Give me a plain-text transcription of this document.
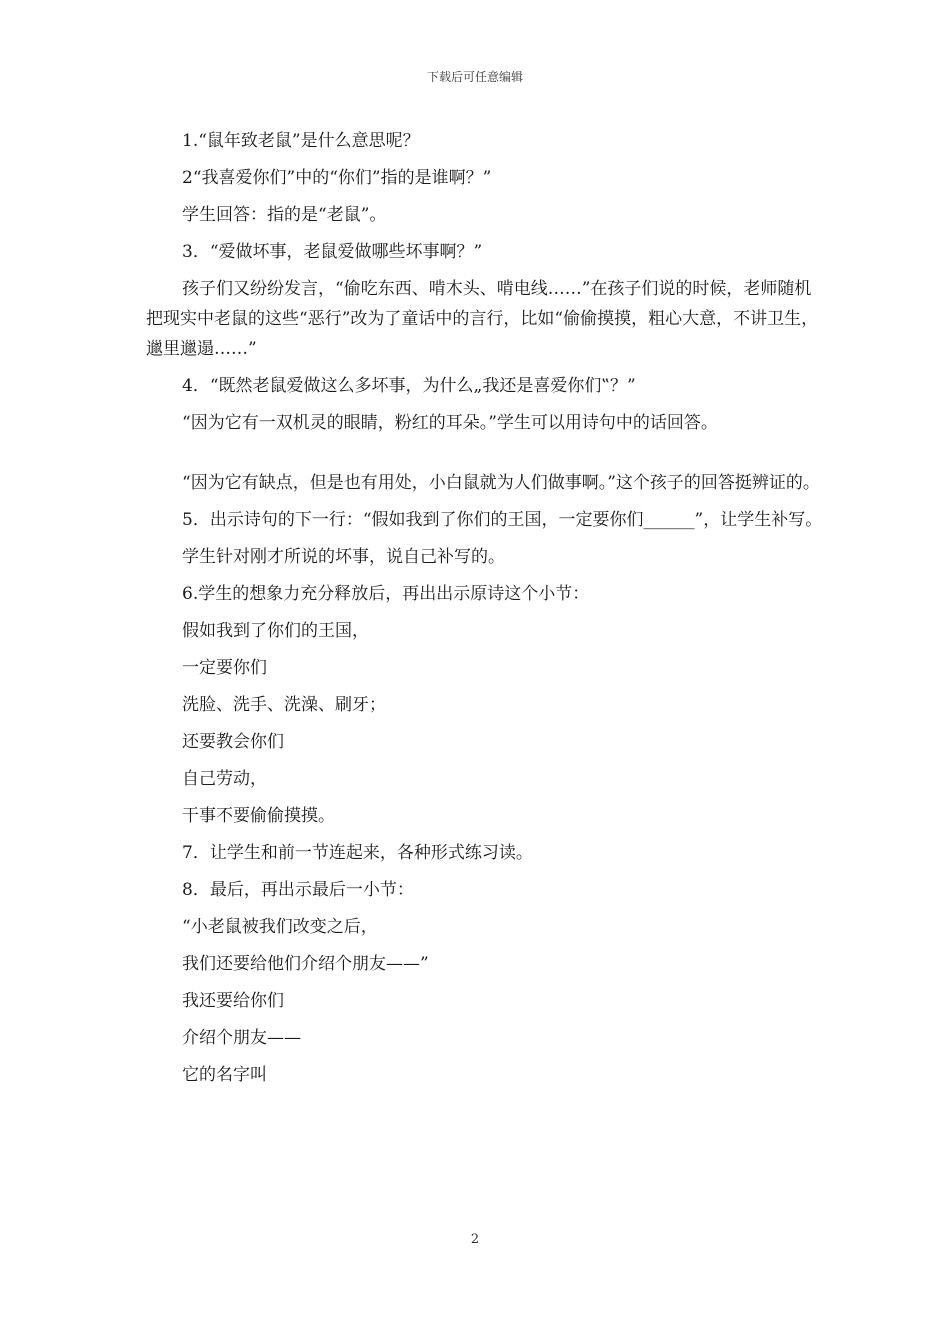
下载后可任意编辑

1.“鼠年致老鼠”是什么意思呢？

2“我喜爱你们”中的“你们”指的是谁啊？”

学生回答：指的是“老鼠”。

3．“爱做坏事，老鼠爱做哪些坏事啊？”

孩子们又纷纷发言，“偷吃东西、啃木头、啃电线……”在孩子们说的时候，老师随机把现实中老鼠的这些“恶行”改为了童话中的言行，比如“偷偷摸摸，粗心大意，不讲卫生，邋里邋遢……”

4．“既然老鼠爱做这么多坏事，为什么„我还是喜爱你们‟？”

“因为它有一双机灵的眼睛，粉红的耳朵。”学生可以用诗句中的话回答。

“因为它有缺点，但是也有用处，小白鼠就为人们做事啊。”这个孩子的回答挺辨证的。

5．出示诗句的下一行：“假如我到了你们的王国，一定要你们______”，让学生补写。

学生针对刚才所说的坏事，说自己补写的。

6.学生的想象力充分释放后，再出出示原诗这个小节：

假如我到了你们的王国，

一定要你们

洗脸、洗手、洗澡、刷牙；

还要教会你们

自己劳动，

干事不要偷偷摸摸。

7．让学生和前一节连起来，各种形式练习读。

8．最后，再出示最后一小节：

“小老鼠被我们改变之后，

我们还要给他们介绍个朋友——”

我还要给你们

介绍个朋友——

它的名字叫

2
